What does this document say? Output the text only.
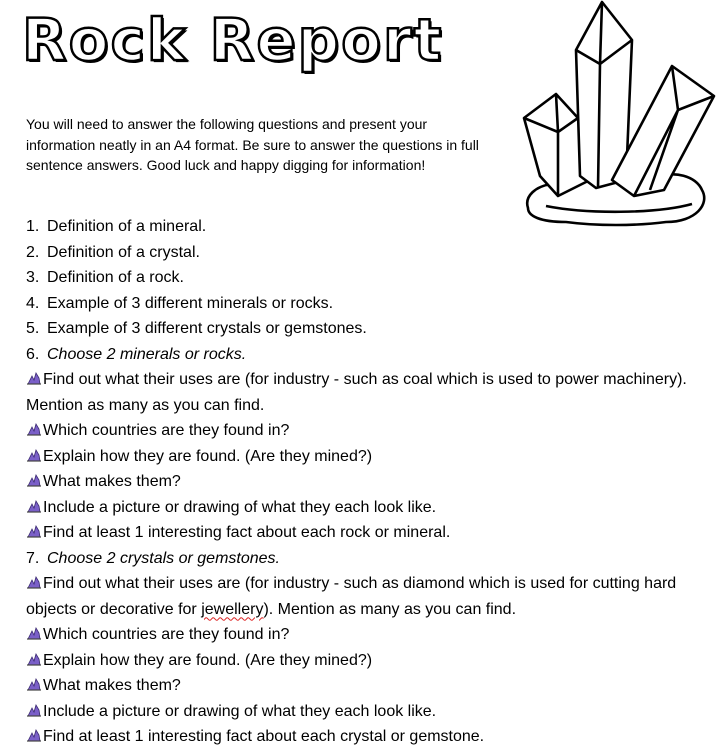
Rock Report
You will need to answer the following questions and present your information neatly in an A4 format. Be sure to answer the questions in full sentence answers. Good luck and happy digging for information!
1. Definition of a mineral.
2. Definition of a crystal.
3. Definition of a rock.
4. Example of 3 different minerals or rocks.
5. Example of 3 different crystals or gemstones.
6. Choose 2 minerals or rocks.
Find out what their uses are (for industry - such as coal which is used to power machinery). Mention as many as you can find.
Which countries are they found in?
Explain how they are found. (Are they mined?)
What makes them?
Include a picture or drawing of what they each look like.
Find at least 1 interesting fact about each rock or mineral.
7. Choose 2 crystals or gemstones.
Find out what their uses are (for industry - such as diamond which is used for cutting hard objects or decorative for jewellery). Mention as many as you can find.
Which countries are they found in?
Explain how they are found. (Are they mined?)
What makes them?
Include a picture or drawing of what they each look like.
Find at least 1 interesting fact about each crystal or gemstone.
